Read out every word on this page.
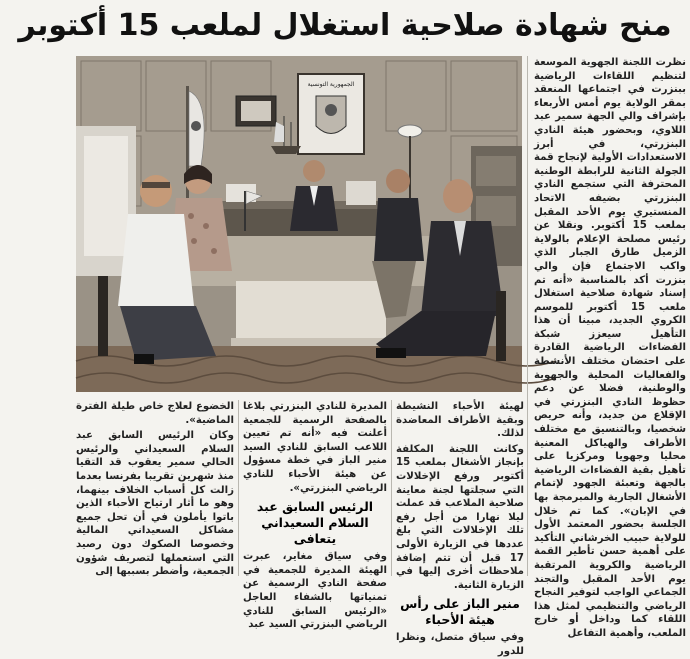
منح شهادة صلاحية استغلال لملعب 15 أكتوبر
الجمهورية التونسية

نظرت اللجنة الجهوية الموسعة لتنظيم اللقاءات الرياضية ببنزرت في اجتماعها المنعقد بمقر الولاية يوم أمس الأربعاء بإشراف والي الجهة سمير عبد اللاوي، وبحضور هيئة النادي البنزرتي، في أبرز الاستعدادات الأولية لإنجاح قمة الجولة الثانية للرابطة الوطنية المحترفة التي ستجمع النادي البنزرتي بضيفه الاتحاد المنستيري يوم الأحد المقبل بملعب 15 أكتوبر. ونقلا عن رئيس مصلحة الإعلام بالولاية الزميل طارق الجبار الذي واكب الاجتماع فإن والي بنزرت أكد بالمناسبة «أنه تم إسناد شهادة صلاحية استغلال ملعب 15 أكتوبر للموسم الكروي الجديد، مبينا أن هذا التأهيل سيعزز شبكة الفضاءات الرياضية القادرة على احتضان مختلف الأنشطة والفعاليات المحلية والجهوية والوطنية، فضلا عن دعم حظوظ النادي البنزرتي في الإقلاع من جديد، وأنه حريص شخصيا، وبالتنسيق مع مختلف الأطراف والهياكل المعنية محليا وجهويا ومركزيا على تأهيل بقية الفضاءات الرياضية بالجهة وتعبئة الجهود لإتمام الأشغال الجارية والمبرمجة بها في الإبان». كما تم خلال الجلسة بحضور المعتمد الأول للولاية حبيب الخرشاني التأكيد على أهمية حسن تأطير القمة الرياضية والكروية المرتقبة يوم الأحد المقبل والتجند الجماعي الواجب لتوفير النجاح الرياضي والتنظيمي لمثل هذا اللقاء كما وداخل أو خارج الملعب، وأهمية التفاعل

لهيئة الأحباء النشيطة وبقية الأطراف المعاضدة لذلك.

وكانت اللجنة المكلفة بإنجاز الأشغال بملعب 15 أكتوبر ورفع الإخلالات التي سجلتها لجنة معاينة صلاحية الملاعب قد عملت ليلا نهارا من أجل رفع تلك الإخلالات التي بلغ عددها في الزيارة الأولى 17 قبل أن تتم إضافة ملاحظات أخرى إليها في الزيارة الثانية.

منير الباز على رأس هيئة الأحباء

وفي سياق متصل، ونظرا للدور

المديرة للنادي البنزرتي بلاغا بالصفحة الرسمية للجمعية أعلنت فيه «أنه تم تعيين اللاعب السابق للنادي السيد منير الباز في خطة مسؤول عن هيئة الأحباء للنادي الرياضي البنزرتي».

الرئيس السابق عبد السلام السعيداني يتعافى

وفي سياق مغاير، عبرت الهيئة المديرة للجمعية في صفحة النادي الرسمية عن تمنياتها بالشفاء العاجل «الرئيس السابق للنادي الرياضي البنزرتي السيد عبد

الخضوع لعلاج خاص طيلة الفترة الماضية».

وكان الرئيس السابق عبد السلام السعيداني والرئيس الحالي سمير يعقوب قد التقيا منذ شهرين تقريبا بفرنسا بعدما زالت كل أسباب الخلاف بينهما، وهو ما أثار ارتياح الأحباء الذين باتوا يأملون في أن تحل جميع مشاكل السعيداني المالية وخصوصا الصكوك دون رصيد التي استعملها لتصريف شؤون الجمعية، وأضطر بسببها إلى
